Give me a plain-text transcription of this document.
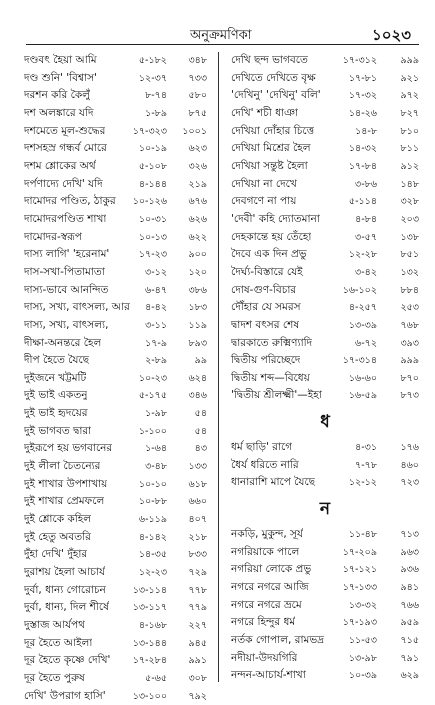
অনুক্রমণিকা	১০২৩
দণ্ডবৎ হৈয়া আমি	৫-১৮২ ৩৪৮
দণ্ড শুনি' 'বিশ্বাস'	১২-৩৭ ৭৩৩
দরশন করি কৈলুঁ	৮-৭৪ ৫৮০
দশ অলঙ্কারে যদি	১-৮৯ ৮৭৫
দশমেতে মূল-শুদ্ধের	১৭-৩২৩ ১০০১
দশসহস্র গন্ধর্ব মোরে	১০-১৯ ৬২৩
দশম শ্লোকের অর্থ	৫-১০৮ ৩২৬
দর্পণাদ্যে দেখি' যদি	৪-১৪৪ ২১৯
দামোদর পণ্ডিত, ঠাকুর ১০-১২৬ ৬৭৬
দামোদরপণ্ডিত শাখা	১০-৩১ ৬২৬
দামোদর-স্বরূপ	১০-১৩ ৬২২
দাস্য লাগি' 'হরেনাম'	১৭-২৩ ৯০০
দাস-সখা-পিতামাতা	৩-১২ ১২০
দাস্য-ভাবে আনন্দিত	৬-৪৭ ৩৮৬
দাস্য, সখ্য, বাৎসল্য, আর ৪-৪২ ১৮৩
দাস্য, সখ্য, বাৎসল্য,	৩-১১ ১১৯
দীক্ষা-অনন্তরে হৈল	১৭-৯ ৮৯৩
দীপ হৈতে যৈছে	২-৮৯	৯৯
দুইজনে খট্টমটি	১০-২৩ ৬২৪
দুই ভাই একতনু	৫-১৭৫ ৩৪৬
দুই ভাই হৃদয়ের	১-৯৮	৫৪
দুই ভাগবত দ্বারা	১-১০০	৫৪
দুইরূপে হয় ভগবানের	১-৬৪	৪৩
দুই লীলা চৈতন্যের	৩-৪৮ ১৩৩
দুই শাখার উপশাখায়	১০-১০ ৬১৮
দুই শাখার প্রেমফলে	১০-৮৮ ৬৬০
দুই শ্লোকে কহিল	৬-১১৯ ৪০৭
দুই হেতু অবতরি	৪-১৪২ ২১৮
দুঁহা দেখি' দুঁহার	১৪-৩৫ ৮৩৩
দুরাশয় হৈলা আচার্য	১২-২৩ ৭২৯
দুর্বা, ধান্য গোরোচন	১৩-১১৪ ৭৭৮
দুর্বা, ধান্য, দিল শীর্ষে	১৩-১১৭ ৭৭৯
দুস্তাজ আর্যপথ	৪-১৬৮ ২২৭
দূর হৈতে আইলা	১৩-১৪৪ ৯৪৫
দূর হৈতে কৃষ্ণে দেখি' ১৭-২৮৪ ৯৯১
দূর হৈতে পুরুষ	৫-৬৫ ৩০৮
দেখি' উপরাগ হাসি'	১৩-১০০ ৭৯২
দেখি ছন্দ ভাগবতে	১৭-৩১২ ৯৯৯
দেখিতে দেখিতে বৃক্ষ	১৭-৮১ ৯২১
'দেখিনু' 'দেখিনু' বলি'	১৭-৩২ ৯৭২
দেখি' শচী ধাঞা	১৪-২৬ ৮২৭
দেখিয়া দোঁহার চিত্তে	১৪-৮ ৮১০
দেখিয়া মিশ্রের হৈল	১৪-৩২ ৮১১
দেখিয়া সন্তুষ্ট হৈলা	১৭-৮৪ ৯১২
দেখিয়া না দেখে	৩-৮৬ ১৪৮
দেবগণে না পায়	৫-১১৪ ৩২৮
'দেবী' কহি দ্যোতমানা	৪-৮৪ ২০৩
দেহকান্তে হয় তেঁহো	৩-৫৭ ১৩৮
দৈবে এক দিন প্রভু	১২-২৮ ৮৫১
দৈর্ঘ্য-বিস্তারে যেই	৩-৪২ ১৩২
দোষ-গুণ-বিচার	১৬-১০২ ৮৮৪
দৌঁহার যে সমরস	৪-২৫৭ ২৫৩
দ্বাদশ বৎসর শেষ	১৩-৩৯ ৭৬৮
দ্বারকাতে রুক্মিণ্যাদি	৬-৭২ ৩৯৩
দ্বিতীয় পরিচ্ছেদে	১৭-৩১৪ ৯৯৯
দ্বিতীয় শব্দ—বিধেয়	১৬-৬০ ৮৭০
'দ্বিতীয় শ্রীলক্ষ্মী'—ইহা	১৬-৫৯ ৮৭৩
ধ
ধর্ম ছাড়ি' রাগে	৪-৩১ ১৭৬
ধৈর্য ধরিতে নারি	৭-৭৮ ৪৬০
ধানারাশি মাপে যৈছে	১২-১২ ৭২৩
ন
নকড়ি, মুকুন্দ, সূর্য	১১-৪৮ ৭১৩
নগরিয়াকে পালে	১৭-২০৯ ৯৬৩
নগরিয়া লোকে প্রভু	১৭-১২১ ৯৩৬
নগরে নগরে আজি	১৭-১৩৩ ৯৪১
নগরে নগরে ভ্রমে	১৩-৩২ ৭৬৬
নগরে হিন্দুর ধর্ম	১৭-১৯৩ ৯৫৯
নর্তক গোপাল, রামভদ্র	১১-৫৩ ৭১৫
নদীয়া-উদয়গিরি	১৩-৯৮ ৭৯১
নন্দন-আচার্য-শাখা	১০-৩৯ ৬২৯
